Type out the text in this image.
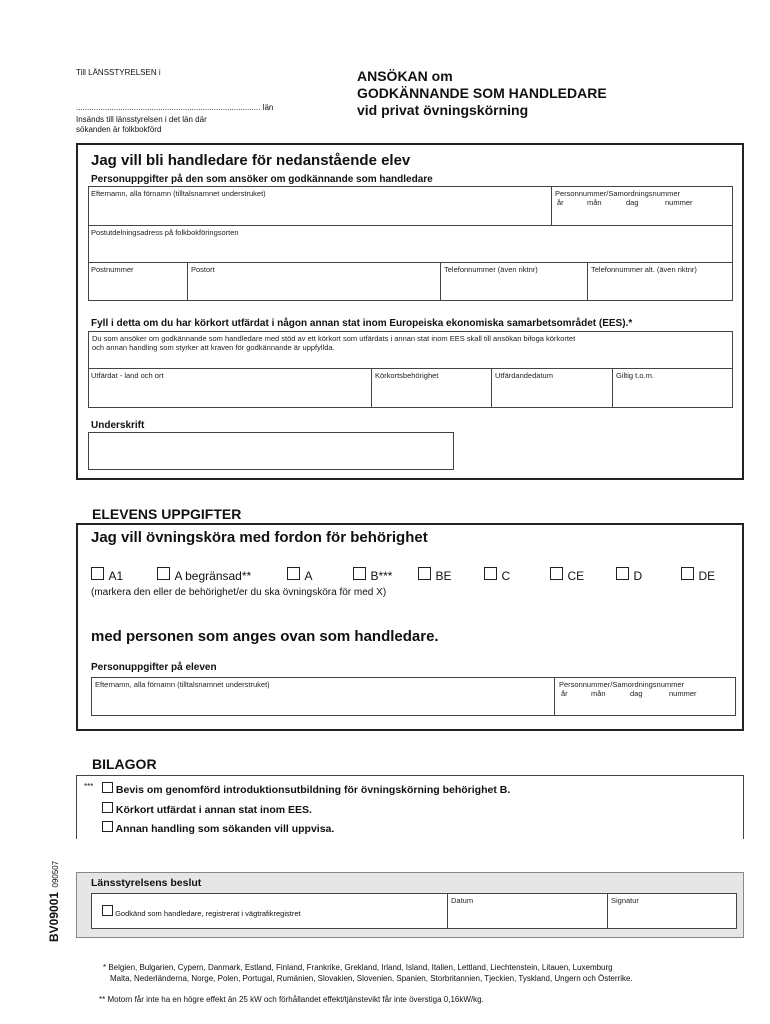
Till LÄNSSTYRELSEN i
................................................................................... län
Insänds till länsstyrelsen i det län där
sökanden är folkbokförd
ANSÖKAN om
GODKÄNNANDE SOM HANDLEDARE
vid privat övningskörning
Jag vill bli handledare för nedanstående elev
Personuppgifter på den som ansöker om godkännande som handledare
Efternamn, alla förnamn (tilltalsnamnet understruket)	Personnummer/Samordningsnummer
år	mån	dag	nummer
Postutdelningsadress på folkbokföringsorten
Postnummer	Postort	Telefonnummer (även riktnr)	Telefonnummer alt. (även riktnr)
Fyll i detta om du har körkort utfärdat i någon annan stat inom Europeiska ekonomiska samarbetsområdet (EES).*
Du som ansöker om godkännande som handledare med stöd av ett körkort som utfärdats i annan stat inom EES skall till ansökan bifoga körkortet
och annan handling som styrker att kraven för godkännande är uppfyllda.
Utfärdat - land och ort	Körkortsbehörighet	Utfärdandedatum	Giltig t.o.m.
Underskrift
ELEVENS UPPGIFTER
Jag vill övningsköra med fordon för behörighet
A1	A begränsad**	A	B***	BE	C	CE	D	DE
(markera den eller de behörighet/er du ska övningsköra för med X)
med personen som anges ovan som handledare.
Personuppgifter på eleven
Efternamn, alla förnamn (tilltalsnamnet understruket)	Personnummer/Samordningsnummer
år	mån	dag	nummer
BILAGOR
***	Bevis om genomförd introduktionsutbildning för övningskörning behörighet B.
Körkort utfärdat i annan stat inom EES.
Annan handling som sökanden vill uppvisa.
BV09001 090507	Länsstyrelsens beslut
Godkänd som handledare, registrerat i vägtrafikregistret
Datum	Signatur
* Belgien, Bulgarien, Cypern, Danmark, Estland, Finland, Frankrike, Grekland, Irland, Island, Italien, Lettland, Liechtenstein, Litauen, Luxemburg
Malta, Nederländerna, Norge, Polen, Portugal, Rumänien, Slovakien, Slovenien, Spanien, Storbritannien, Tjeckien, Tyskland, Ungern och Österrike.
** Motorn får inte ha en högre effekt än 25 kW och förhållandet effekt/tjänstevikt får inte överstiga 0,16kW/kg.
